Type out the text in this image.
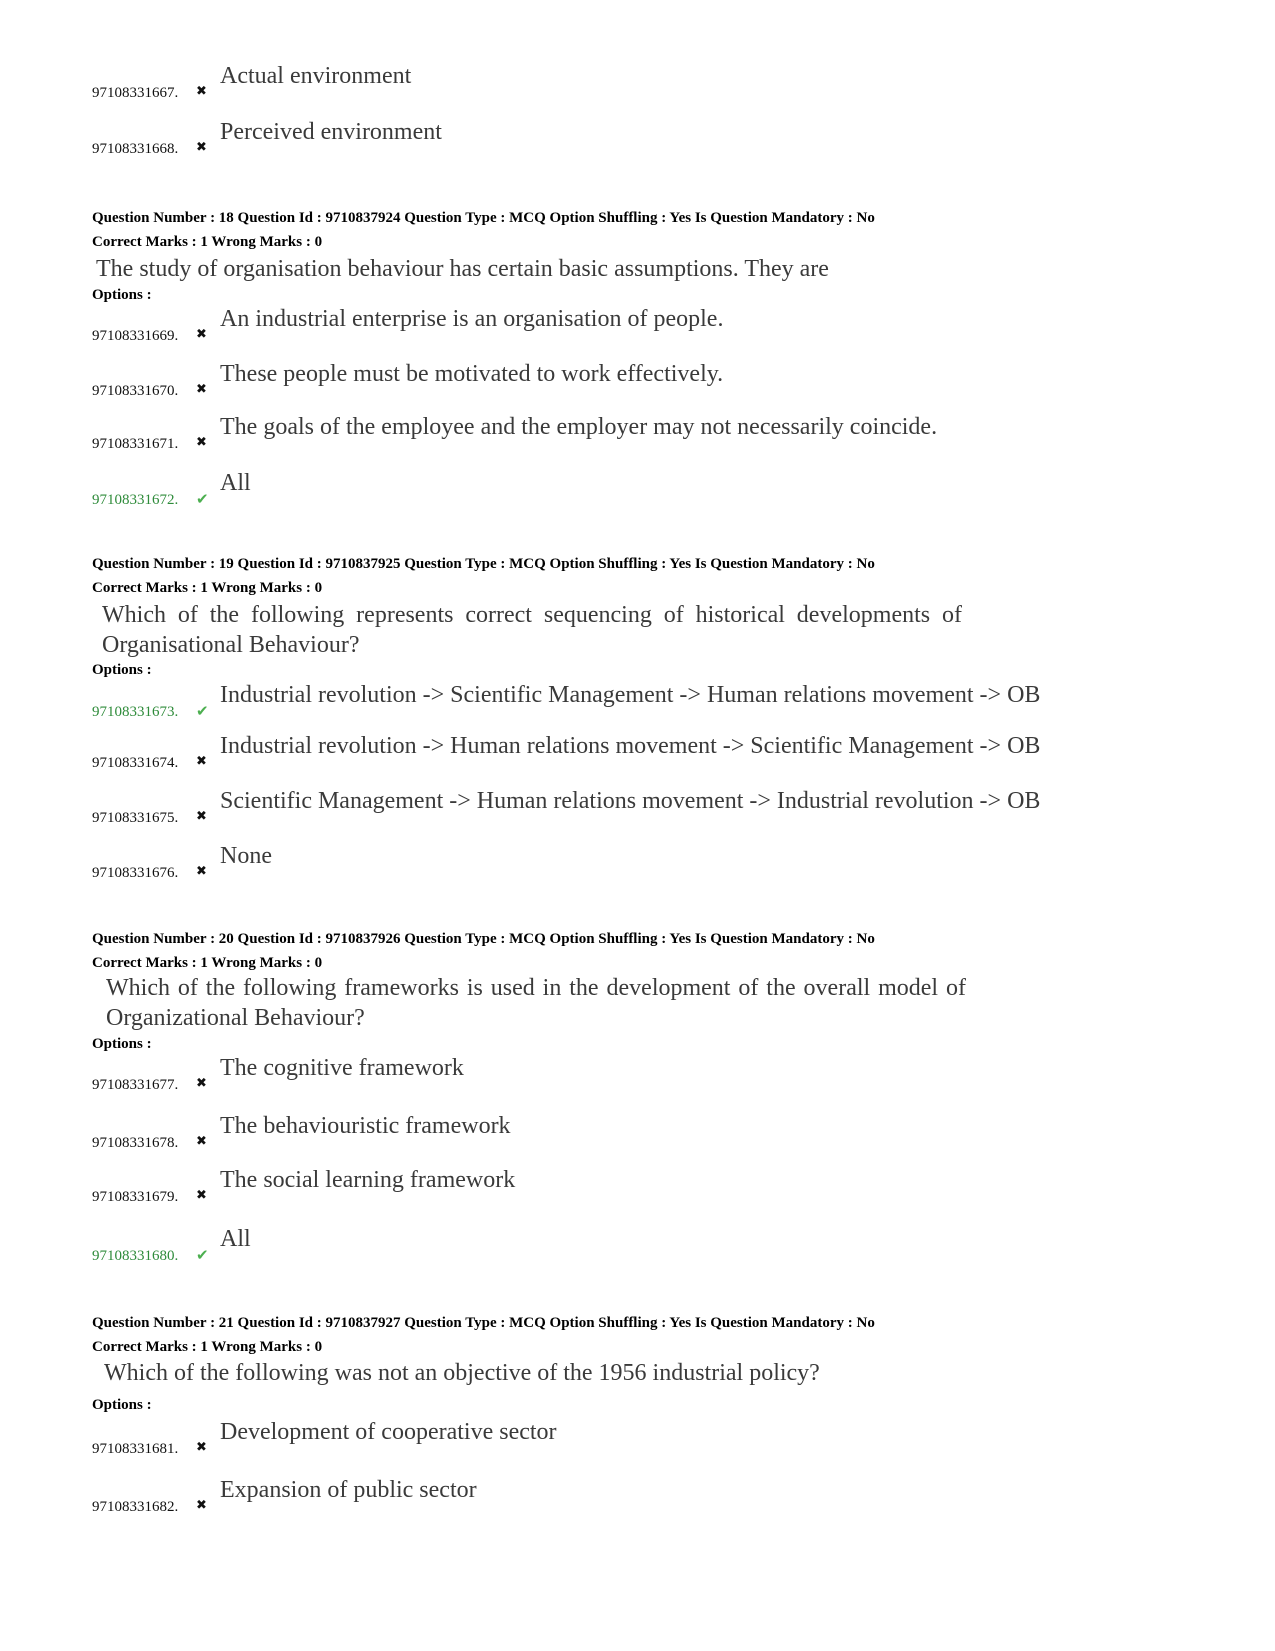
97108331667. ✖
Actual environment
97108331668. ✖
Perceived environment
Question Number : 18 Question Id : 9710837924 Question Type : MCQ Option Shuffling : Yes Is Question Mandatory : No
Correct Marks : 1 Wrong Marks : 0
The study of organisation behaviour has certain basic assumptions. They are
Options :
97108331669. ✖
An industrial enterprise is an organisation of people.
97108331670. ✖
These people must be motivated to work effectively.
97108331671. ✖
The goals of the employee and the employer may not necessarily coincide.
97108331672. ✔
All
Question Number : 19 Question Id : 9710837925 Question Type : MCQ Option Shuffling : Yes Is Question Mandatory : No
Correct Marks : 1 Wrong Marks : 0
Which of the following represents correct sequencing of historical developments of Organisational Behaviour?
Options :
97108331673. ✔
Industrial revolution -> Scientific Management -> Human relations movement -> OB
97108331674. ✖
Industrial revolution -> Human relations movement -> Scientific Management -> OB
97108331675. ✖
Scientific Management -> Human relations movement -> Industrial revolution -> OB
97108331676. ✖
None
Question Number : 20 Question Id : 9710837926 Question Type : MCQ Option Shuffling : Yes Is Question Mandatory : No
Correct Marks : 1 Wrong Marks : 0
Which of the following frameworks is used in the development of the overall model of Organizational Behaviour?
Options :
97108331677. ✖
The cognitive framework
97108331678. ✖
The behaviouristic framework
97108331679. ✖
The social learning framework
97108331680. ✔
All
Question Number : 21 Question Id : 9710837927 Question Type : MCQ Option Shuffling : Yes Is Question Mandatory : No
Correct Marks : 1 Wrong Marks : 0
Which of the following was not an objective of the 1956 industrial policy?
Options :
97108331681. ✖
Development of cooperative sector
97108331682. ✖
Expansion of public sector
